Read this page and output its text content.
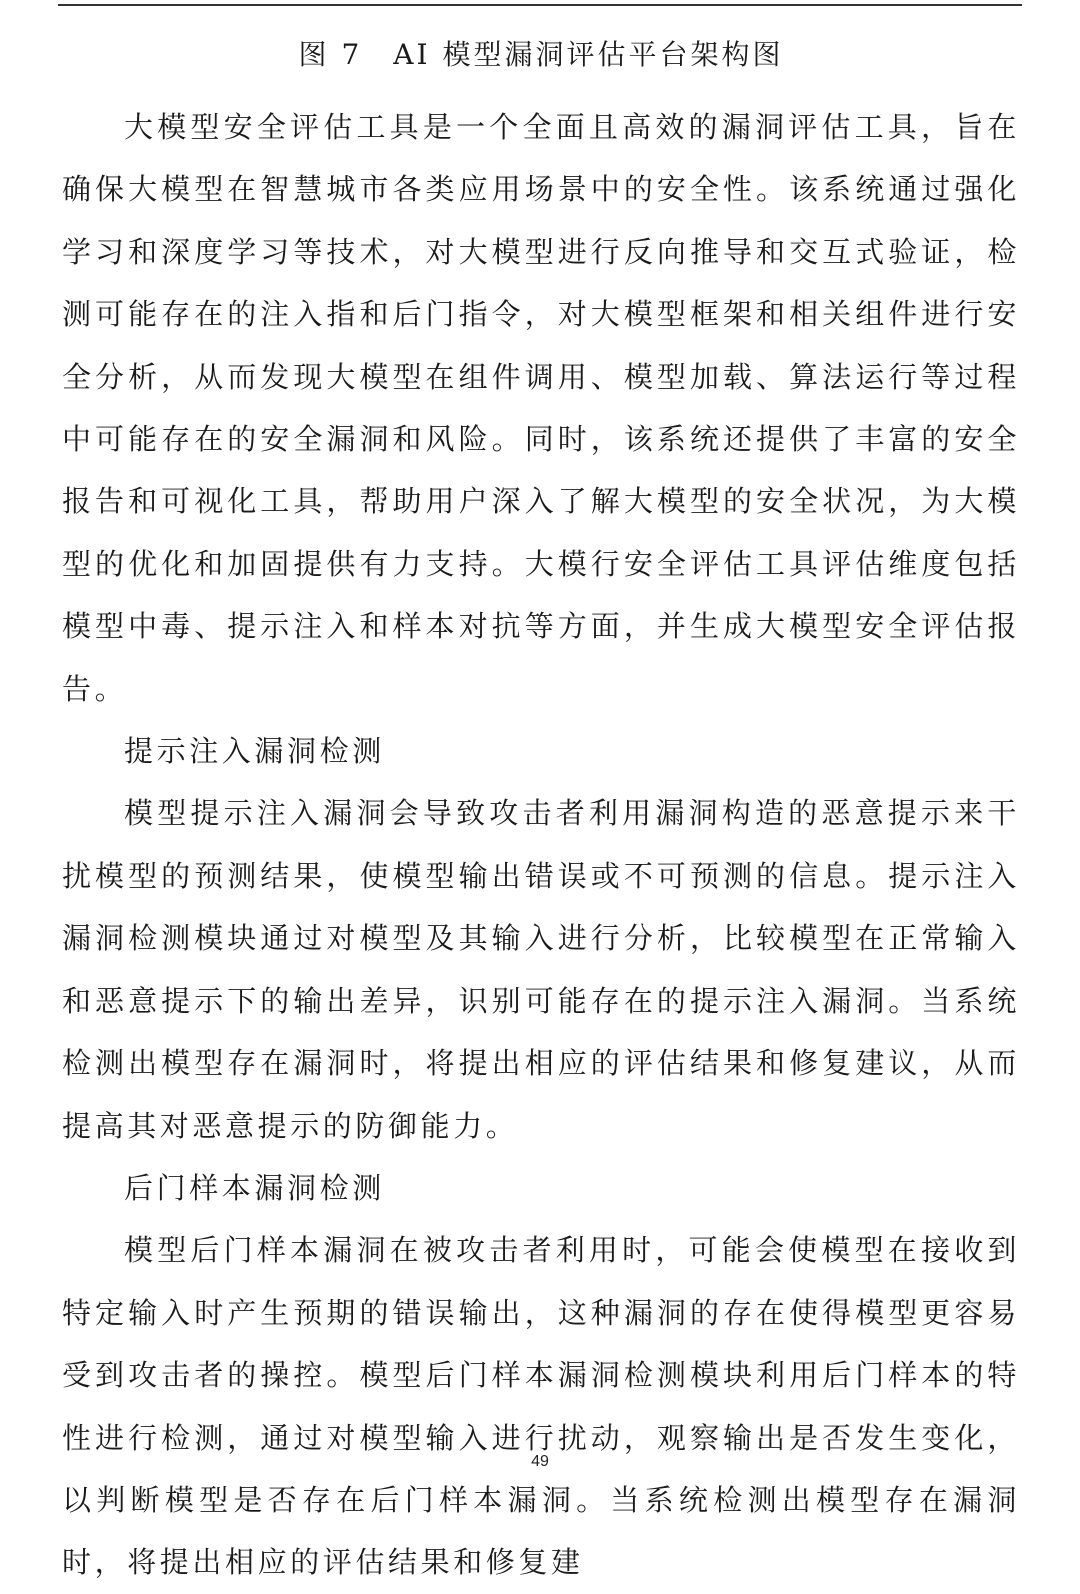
图 7　AI 模型漏洞评估平台架构图

大模型安全评估工具是一个全面且高效的漏洞评估工具，旨在确保大模型在智慧城市各类应用场景中的安全性。该系统通过强化学习和深度学习等技术，对大模型进行反向推导和交互式验证，检测可能存在的注入指和后门指令，对大模型框架和相关组件进行安全分析，从而发现大模型在组件调用、模型加载、算法运行等过程中可能存在的安全漏洞和风险。同时，该系统还提供了丰富的安全报告和可视化工具，帮助用户深入了解大模型的安全状况，为大模型的优化和加固提供有力支持。大模行安全评估工具评估维度包括模型中毒、提示注入和样本对抗等方面，并生成大模型安全评估报告。

提示注入漏洞检测

模型提示注入漏洞会导致攻击者利用漏洞构造的恶意提示来干扰模型的预测结果，使模型输出错误或不可预测的信息。提示注入漏洞检测模块通过对模型及其输入进行分析，比较模型在正常输入和恶意提示下的输出差异，识别可能存在的提示注入漏洞。当系统检测出模型存在漏洞时，将提出相应的评估结果和修复建议，从而提高其对恶意提示的防御能力。

后门样本漏洞检测

模型后门样本漏洞在被攻击者利用时，可能会使模型在接收到特定输入时产生预期的错误输出，这种漏洞的存在使得模型更容易受到攻击者的操控。模型后门样本漏洞检测模块利用后门样本的特性进行检测，通过对模型输入进行扰动，观察输出是否发生变化，以判断模型是否存在后门样本漏洞。当系统检测出模型存在漏洞时，将提出相应的评估结果和修复建

49
